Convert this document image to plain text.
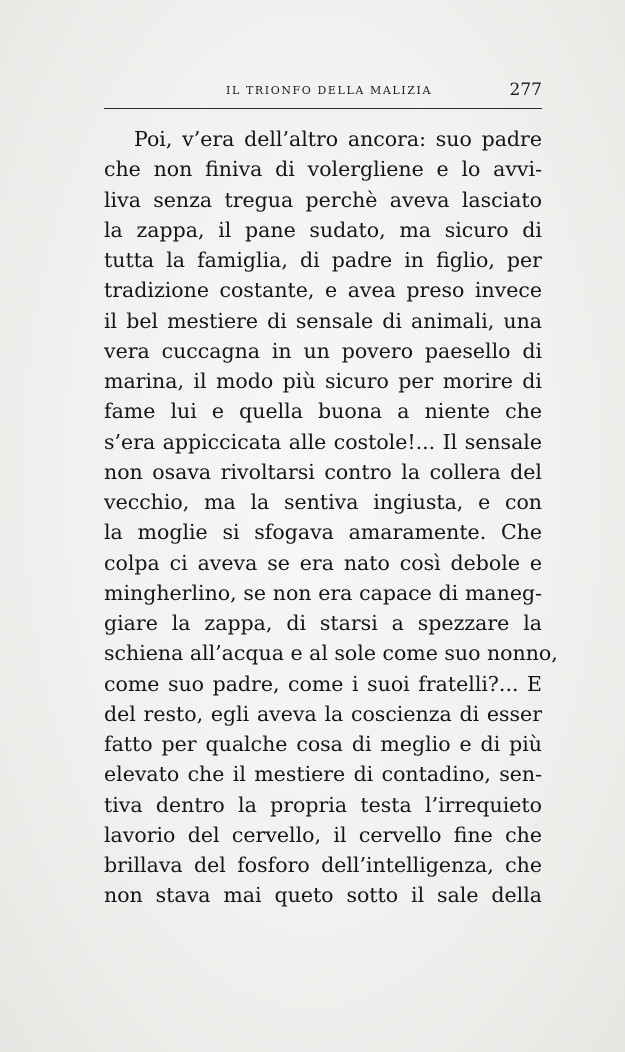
IL TRIONFO DELLA MALIZIA	277
Poi, v’era dell’altro ancora: suo padre
che non finiva di volergliene e lo avvi-
liva senza tregua perchè aveva lasciato
la zappa, il pane sudato, ma sicuro di
tutta la famiglia, di padre in figlio, per
tradizione costante, e avea preso invece
il bel mestiere di sensale di animali, una
vera cuccagna in un povero paesello di
marina, il modo più sicuro per morire di
fame lui e quella buona a niente che
s’era appiccicata alle costole!... Il sensale
non osava rivoltarsi contro la collera del
vecchio, ma la sentiva ingiusta, e con
la moglie si sfogava amaramente. Che
colpa ci aveva se era nato così debole e
mingherlino, se non era capace di maneg-
giare la zappa, di starsi a spezzare la
schiena all’acqua e al sole come suo nonno,
come suo padre, come i suoi fratelli?... E
del resto, egli aveva la coscienza di esser
fatto per qualche cosa di meglio e di più
elevato che il mestiere di contadino, sen-
tiva dentro la propria testa l’irrequieto
lavorio del cervello, il cervello fine che
brillava del fosforo dell’intelligenza, che
non stava mai queto sotto il sale della
